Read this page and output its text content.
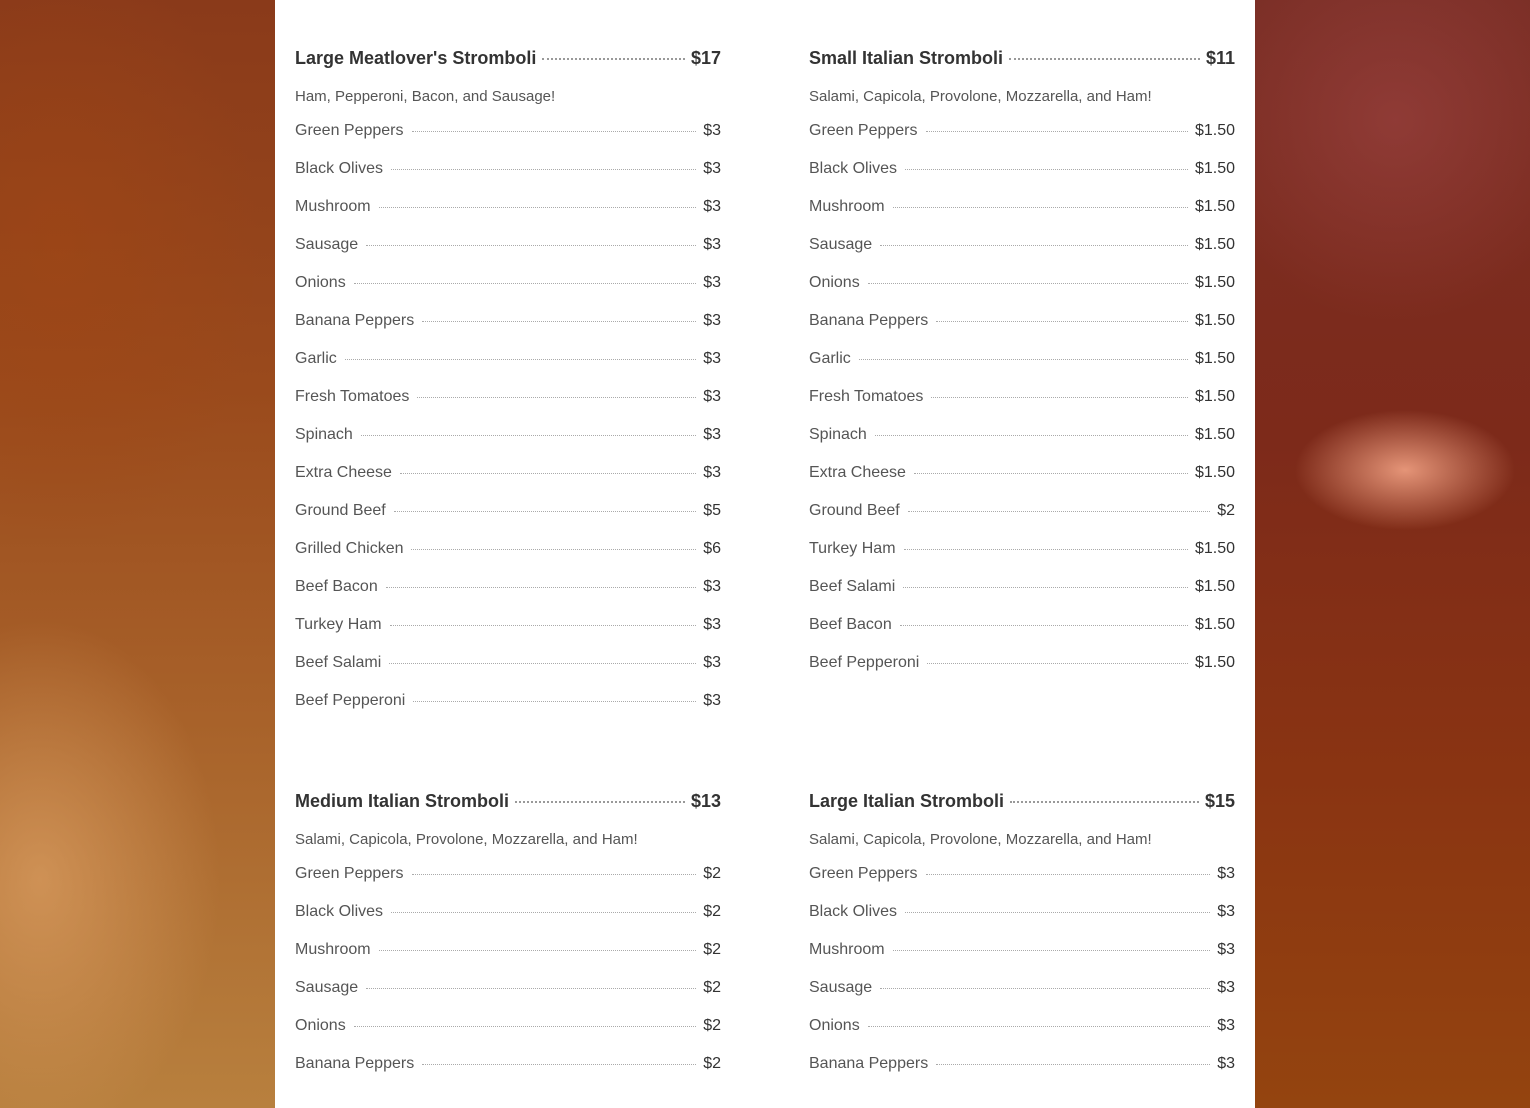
Large Meatlover's Stromboli	$17
Ham, Pepperoni, Bacon, and Sausage!
Green Peppers	$3
Black Olives	$3
Mushroom	$3
Sausage	$3
Onions	$3
Banana Peppers	$3
Garlic	$3
Fresh Tomatoes	$3
Spinach	$3
Extra Cheese	$3
Ground Beef	$5
Grilled Chicken	$6
Beef Bacon	$3
Turkey Ham	$3
Beef Salami	$3
Beef Pepperoni	$3
Small Italian Stromboli	$11
Salami, Capicola, Provolone, Mozzarella, and Ham!
Green Peppers	$1.50
Black Olives	$1.50
Mushroom	$1.50
Sausage	$1.50
Onions	$1.50
Banana Peppers	$1.50
Garlic	$1.50
Fresh Tomatoes	$1.50
Spinach	$1.50
Extra Cheese	$1.50
Ground Beef	$2
Turkey Ham	$1.50
Beef Salami	$1.50
Beef Bacon	$1.50
Beef Pepperoni	$1.50
Medium Italian Stromboli	$13
Salami, Capicola, Provolone, Mozzarella, and Ham!
Green Peppers	$2
Black Olives	$2
Mushroom	$2
Sausage	$2
Onions	$2
Banana Peppers	$2
Large Italian Stromboli	$15
Salami, Capicola, Provolone, Mozzarella, and Ham!
Green Peppers	$3
Black Olives	$3
Mushroom	$3
Sausage	$3
Onions	$3
Banana Peppers	$3
